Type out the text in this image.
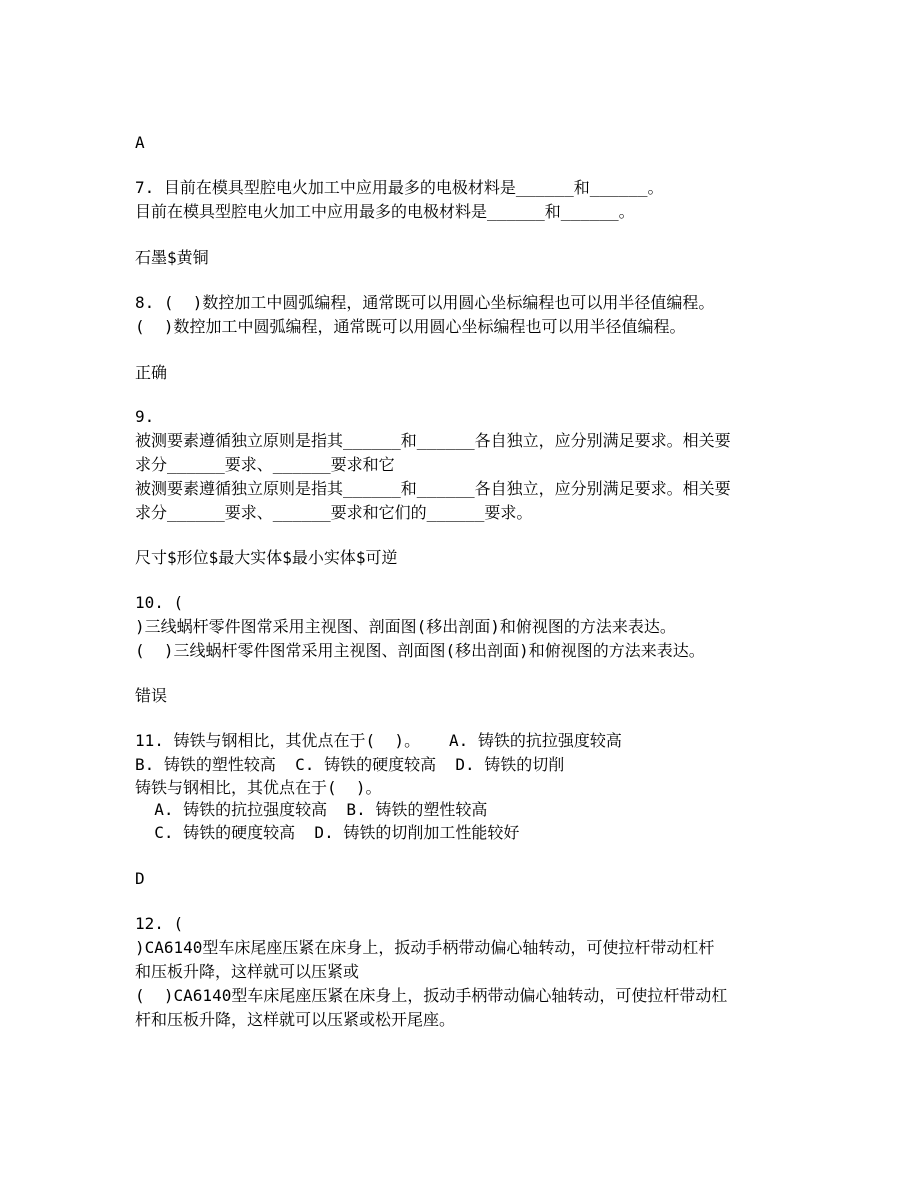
A
7. 目前在模具型腔电火加工中应用最多的电极材料是______和______。
目前在模具型腔电火加工中应用最多的电极材料是______和______。
石墨$黄铜
8. (  )数控加工中圆弧编程，通常既可以用圆心坐标编程也可以用半径值编程。
(  )数控加工中圆弧编程，通常既可以用圆心坐标编程也可以用半径值编程。
正确
9.
被测要素遵循独立原则是指其______和______各自独立，应分别满足要求。相关要
求分______要求、______要求和它
被测要素遵循独立原则是指其______和______各自独立，应分别满足要求。相关要
求分______要求、______要求和它们的______要求。
尺寸$形位$最大实体$最小实体$可逆
10. (
)三线蜗杆零件图常采用主视图、剖面图(移出剖面)和俯视图的方法来表达。
(  )三线蜗杆零件图常采用主视图、剖面图(移出剖面)和俯视图的方法来表达。
错误
11. 铸铁与钢相比，其优点在于(  )。   A. 铸铁的抗拉强度较高
B. 铸铁的塑性较高  C. 铸铁的硬度较高  D. 铸铁的切削
铸铁与钢相比，其优点在于(  )。
A. 铸铁的抗拉强度较高  B. 铸铁的塑性较高
C. 铸铁的硬度较高  D. 铸铁的切削加工性能较好
D
12. (
)CA6140型车床尾座压紧在床身上，扳动手柄带动偏心轴转动，可使拉杆带动杠杆
和压板升降，这样就可以压紧或
(  )CA6140型车床尾座压紧在床身上，扳动手柄带动偏心轴转动，可使拉杆带动杠
杆和压板升降，这样就可以压紧或松开尾座。
